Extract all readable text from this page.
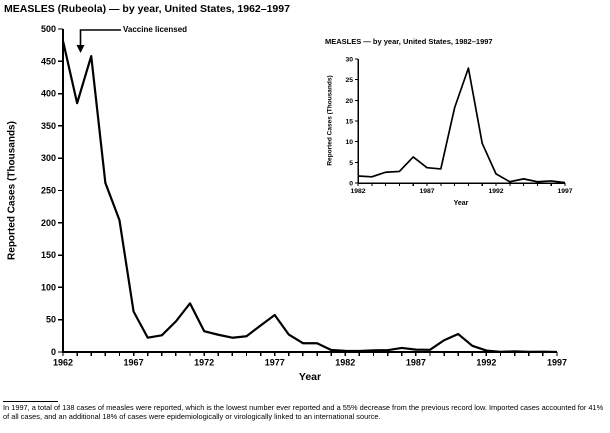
1962	1967	1972	1977	1982	1987	1992	1997
0
50
100
150
200
250
300
350
400
450
500
1982	1987	1992	1997
0
5
10
15
20
25
30
MEASLES (Rubeola) — by year, United States, 1962–1997
Vaccine licensed
Reported Cases (Thousands)
Year
MEASLES — by year, United States, 1982–1997
Reported Cases (Thousands)
Year
In 1997, a total of 138 cases of measles were reported, which is the lowest number ever reported and a 55% decrease from the previous record low. Imported cases accounted for 41% of all cases, and an additional 18% of cases were epidemiologically or virologically linked to an international source.
